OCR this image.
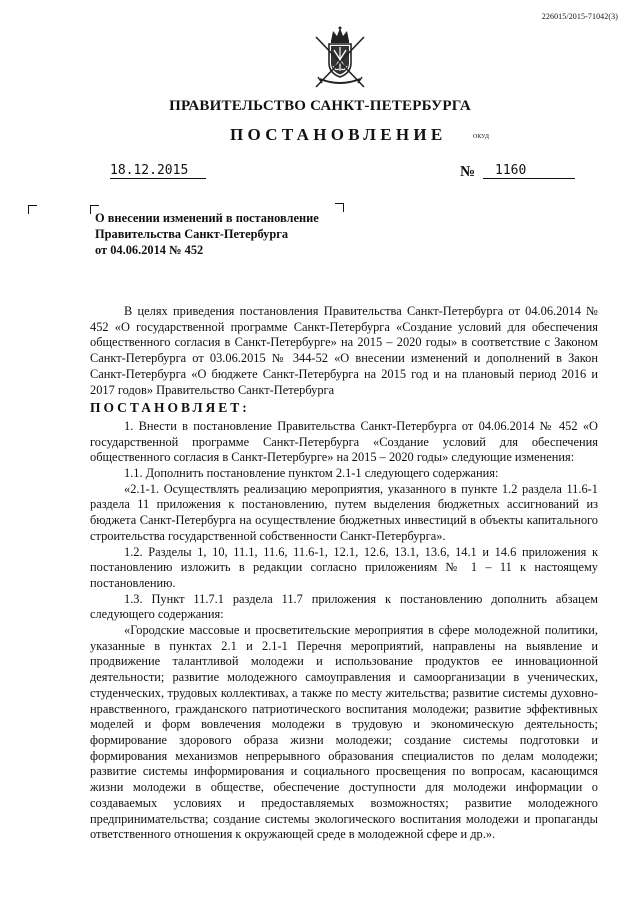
226015/2015-71042(3)
ПРАВИТЕЛЬСТВО САНКТ-ПЕТЕРБУРГА
ПОСТАНОВЛЕНИЕ	ОКУД
18.12.2015	№	1160
О внесении изменений в постановление
Правительства Санкт-Петербурга
от 04.06.2014 № 452

В целях приведения постановления Правительства Санкт-Петербурга от 04.06.2014 № 452 «О государственной программе Санкт-Петербурга «Создание условий для обеспечения общественного согласия в Санкт-Петербурге» на 2015 – 2020 годы» в соответствие с Законом Санкт-Петербурга от 03.06.2015 № 344-52 «О внесении изменений и дополнений в Закон Санкт-Петербурга «О бюджете Санкт-Петербурга на 2015 год и на плановый период 2016 и 2017 годов» Правительство Санкт-Петербурга

ПОСТАНОВЛЯЕТ:

1. Внести в постановление Правительства Санкт-Петербурга от 04.06.2014 № 452 «О государственной программе Санкт-Петербурга «Создание условий для обеспечения общественного согласия в Санкт-Петербурге» на 2015 – 2020 годы» следующие изменения:

1.1. Дополнить постановление пунктом 2.1-1 следующего содержания:

«2.1-1. Осуществлять реализацию мероприятия, указанного в пункте 1.2 раздела 11.6-1 раздела 11 приложения к постановлению, путем выделения бюджетных ассигнований из бюджета Санкт-Петербурга на осуществление бюджетных инвестиций в объекты капитального строительства государственной собственности Санкт-Петербурга».

1.2. Разделы 1, 10, 11.1, 11.6, 11.6-1, 12.1, 12.6, 13.1, 13.6, 14.1 и 14.6 приложения к постановлению изложить в редакции согласно приложениям № 1 – 11 к настоящему постановлению.

1.3. Пункт 11.7.1 раздела 11.7 приложения к постановлению дополнить абзацем следующего содержания:

«Городские массовые и просветительские мероприятия в сфере молодежной политики, указанные в пунктах 2.1 и 2.1-1 Перечня мероприятий, направлены на выявление и продвижение талантливой молодежи и использование продуктов ее инновационной деятельности; развитие молодежного самоуправления и самоорганизации в ученических, студенческих, трудовых коллективах, а также по месту жительства; развитие системы духовно-нравственного, гражданского патриотического воспитания молодежи; развитие эффективных моделей и форм вовлечения молодежи в трудовую и экономическую деятельность; формирование здорового образа жизни молодежи; создание системы подготовки и формирования механизмов непрерывного образования специалистов по делам молодежи; развитие системы информирования и социального просвещения по вопросам, касающимся жизни молодежи в обществе, обеспечение доступности для молодежи информации о создаваемых условиях и предоставляемых возможностях; развитие молодежного предпринимательства; создание системы экологического воспитания молодежи и пропаганды ответственного отношения к окружающей среде в молодежной сфере и др.».
